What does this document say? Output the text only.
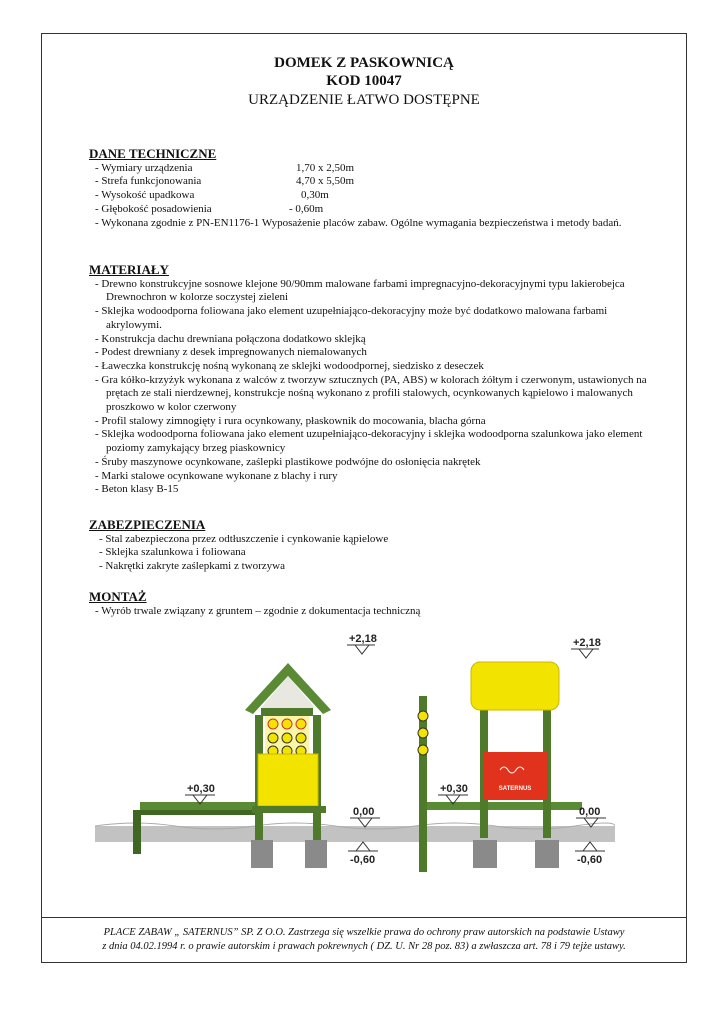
DOMEK Z PASKOWNICĄ
KOD 10047
URZĄDZENIE ŁATWO DOSTĘPNE
DANE TECHNICZNE
- Wymiary urządzenia	1,70 x 2,50m
- Strefa funkcjonowania	4,70 x 5,50m
- Wysokość upadkowa	0,30m
- Głębokość posadowienia	- 0,60m
- Wykonana zgodnie z PN-EN1176-1 Wyposażenie placów zabaw. Ogólne wymagania bezpieczeństwa i metody badań.
MATERIAŁY
- Drewno konstrukcyjne sosnowe klejone 90/90mm malowane farbami impregnacyjno-dekoracyjnymi typu lakierobejca Drewnochron w kolorze soczystej zieleni
- Sklejka wodoodporna foliowana jako element uzupełniająco-dekoracyjny może być dodatkowo malowana farbami akrylowymi.
- Konstrukcja dachu drewniana połączona dodatkowo sklejką
- Podest drewniany z desek impregnowanych niemalowanych
- Ławeczka konstrukcję nośną wykonaną ze sklejki wodoodpornej, siedzisko z deseczek
- Gra kółko-krzyżyk wykonana z walców z tworzyw sztucznych (PA, ABS) w kolorach żółtym i czerwonym, ustawionych na prętach ze stali nierdzewnej, konstrukcje nośną wykonano z profili stalowych, ocynkowanych kąpielowo i malowanych proszkowo w kolor czerwony
- Profil stalowy zimnogięty i rura ocynkowany, płaskownik do mocowania, blacha górna
- Sklejka wodoodporna foliowana jako element uzupełniająco-dekoracyjny i sklejka wodoodporna szalunkowa jako element poziomy zamykający brzeg piaskownicy
- Śruby maszynowe ocynkowane, zaślepki plastikowe podwójne do osłonięcia nakrętek
- Marki stalowe ocynkowane wykonane z blachy i rury
- Beton klasy B-15
ZABEZPIECZENIA
- Stal zabezpieczona przez odtłuszczenie i cynkowanie kąpielowe
- Sklejka szalunkowa i foliowana
- Nakrętki zakryte zaślepkami z tworzywa
MONTAŻ
- Wyrób trwale związany z gruntem – zgodnie z dokumentacja techniczną
SATERNUS
+2,18	+2,18
+0,30	+0,30
0,00	0,00
-0,60	-0,60
PLACE ZABAW „ SATERNUS” SP. Z O.O. Zastrzega się wszelkie prawa do ochrony praw autorskich na podstawie Ustawy
z dnia 04.02.1994 r. o prawie autorskim i prawach pokrewnych ( DZ. U. Nr 28 poz. 83) a zwłaszcza art. 78 i 79 tejże ustawy.
